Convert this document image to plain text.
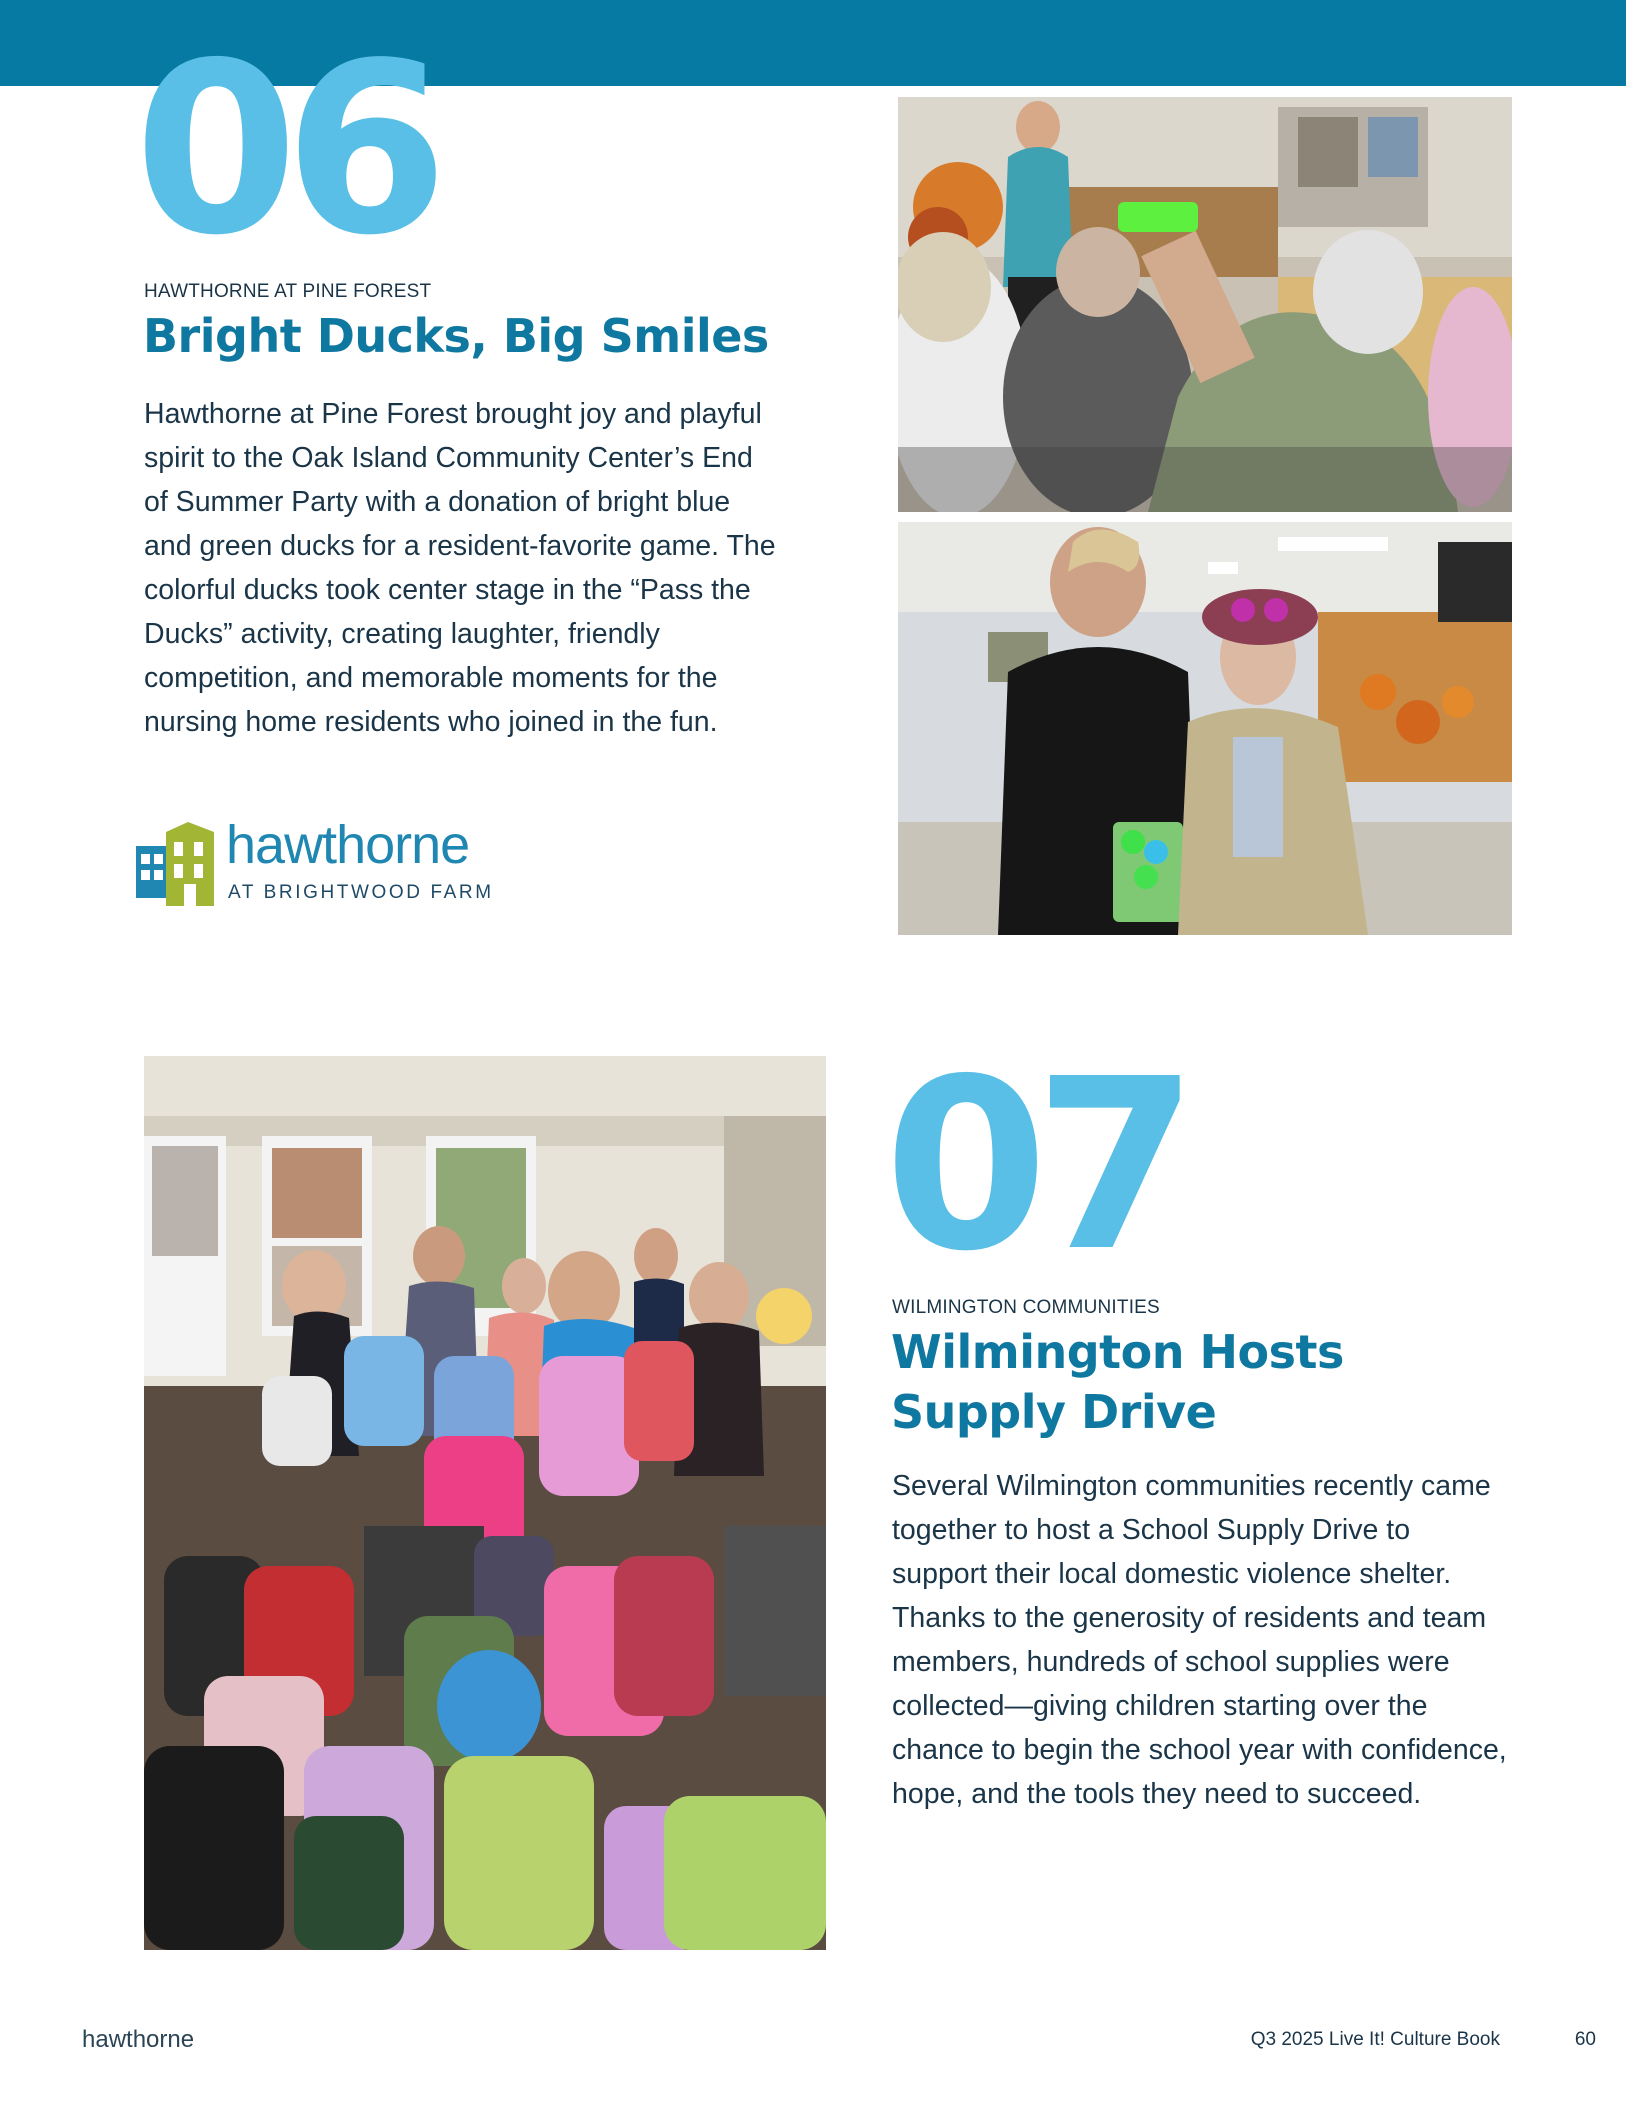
06
HAWTHORNE AT PINE FOREST
Bright Ducks, Big Smiles
Hawthorne at Pine Forest brought joy and playful spirit to the Oak Island Community Center’s End of Summer Party with a donation of bright blue and green ducks for a resident-favorite game. The colorful ducks took center stage in the “Pass the Ducks” activity, creating laughter, friendly competition, and memorable moments for the nursing home residents who joined in the fun.
hawthorne
AT BRIGHTWOOD FARM
07
WILMINGTON COMMUNITIES
Wilmington Hosts
Supply Drive
Several Wilmington communities recently came together to host a School Supply Drive to support their local domestic violence shelter. Thanks to the generosity of residents and team members, hundreds of school supplies were collected—giving children starting over the chance to begin the school year with confidence, hope, and the tools they need to succeed.
hawthorne	Q3 2025 Live It! Culture Book	60
